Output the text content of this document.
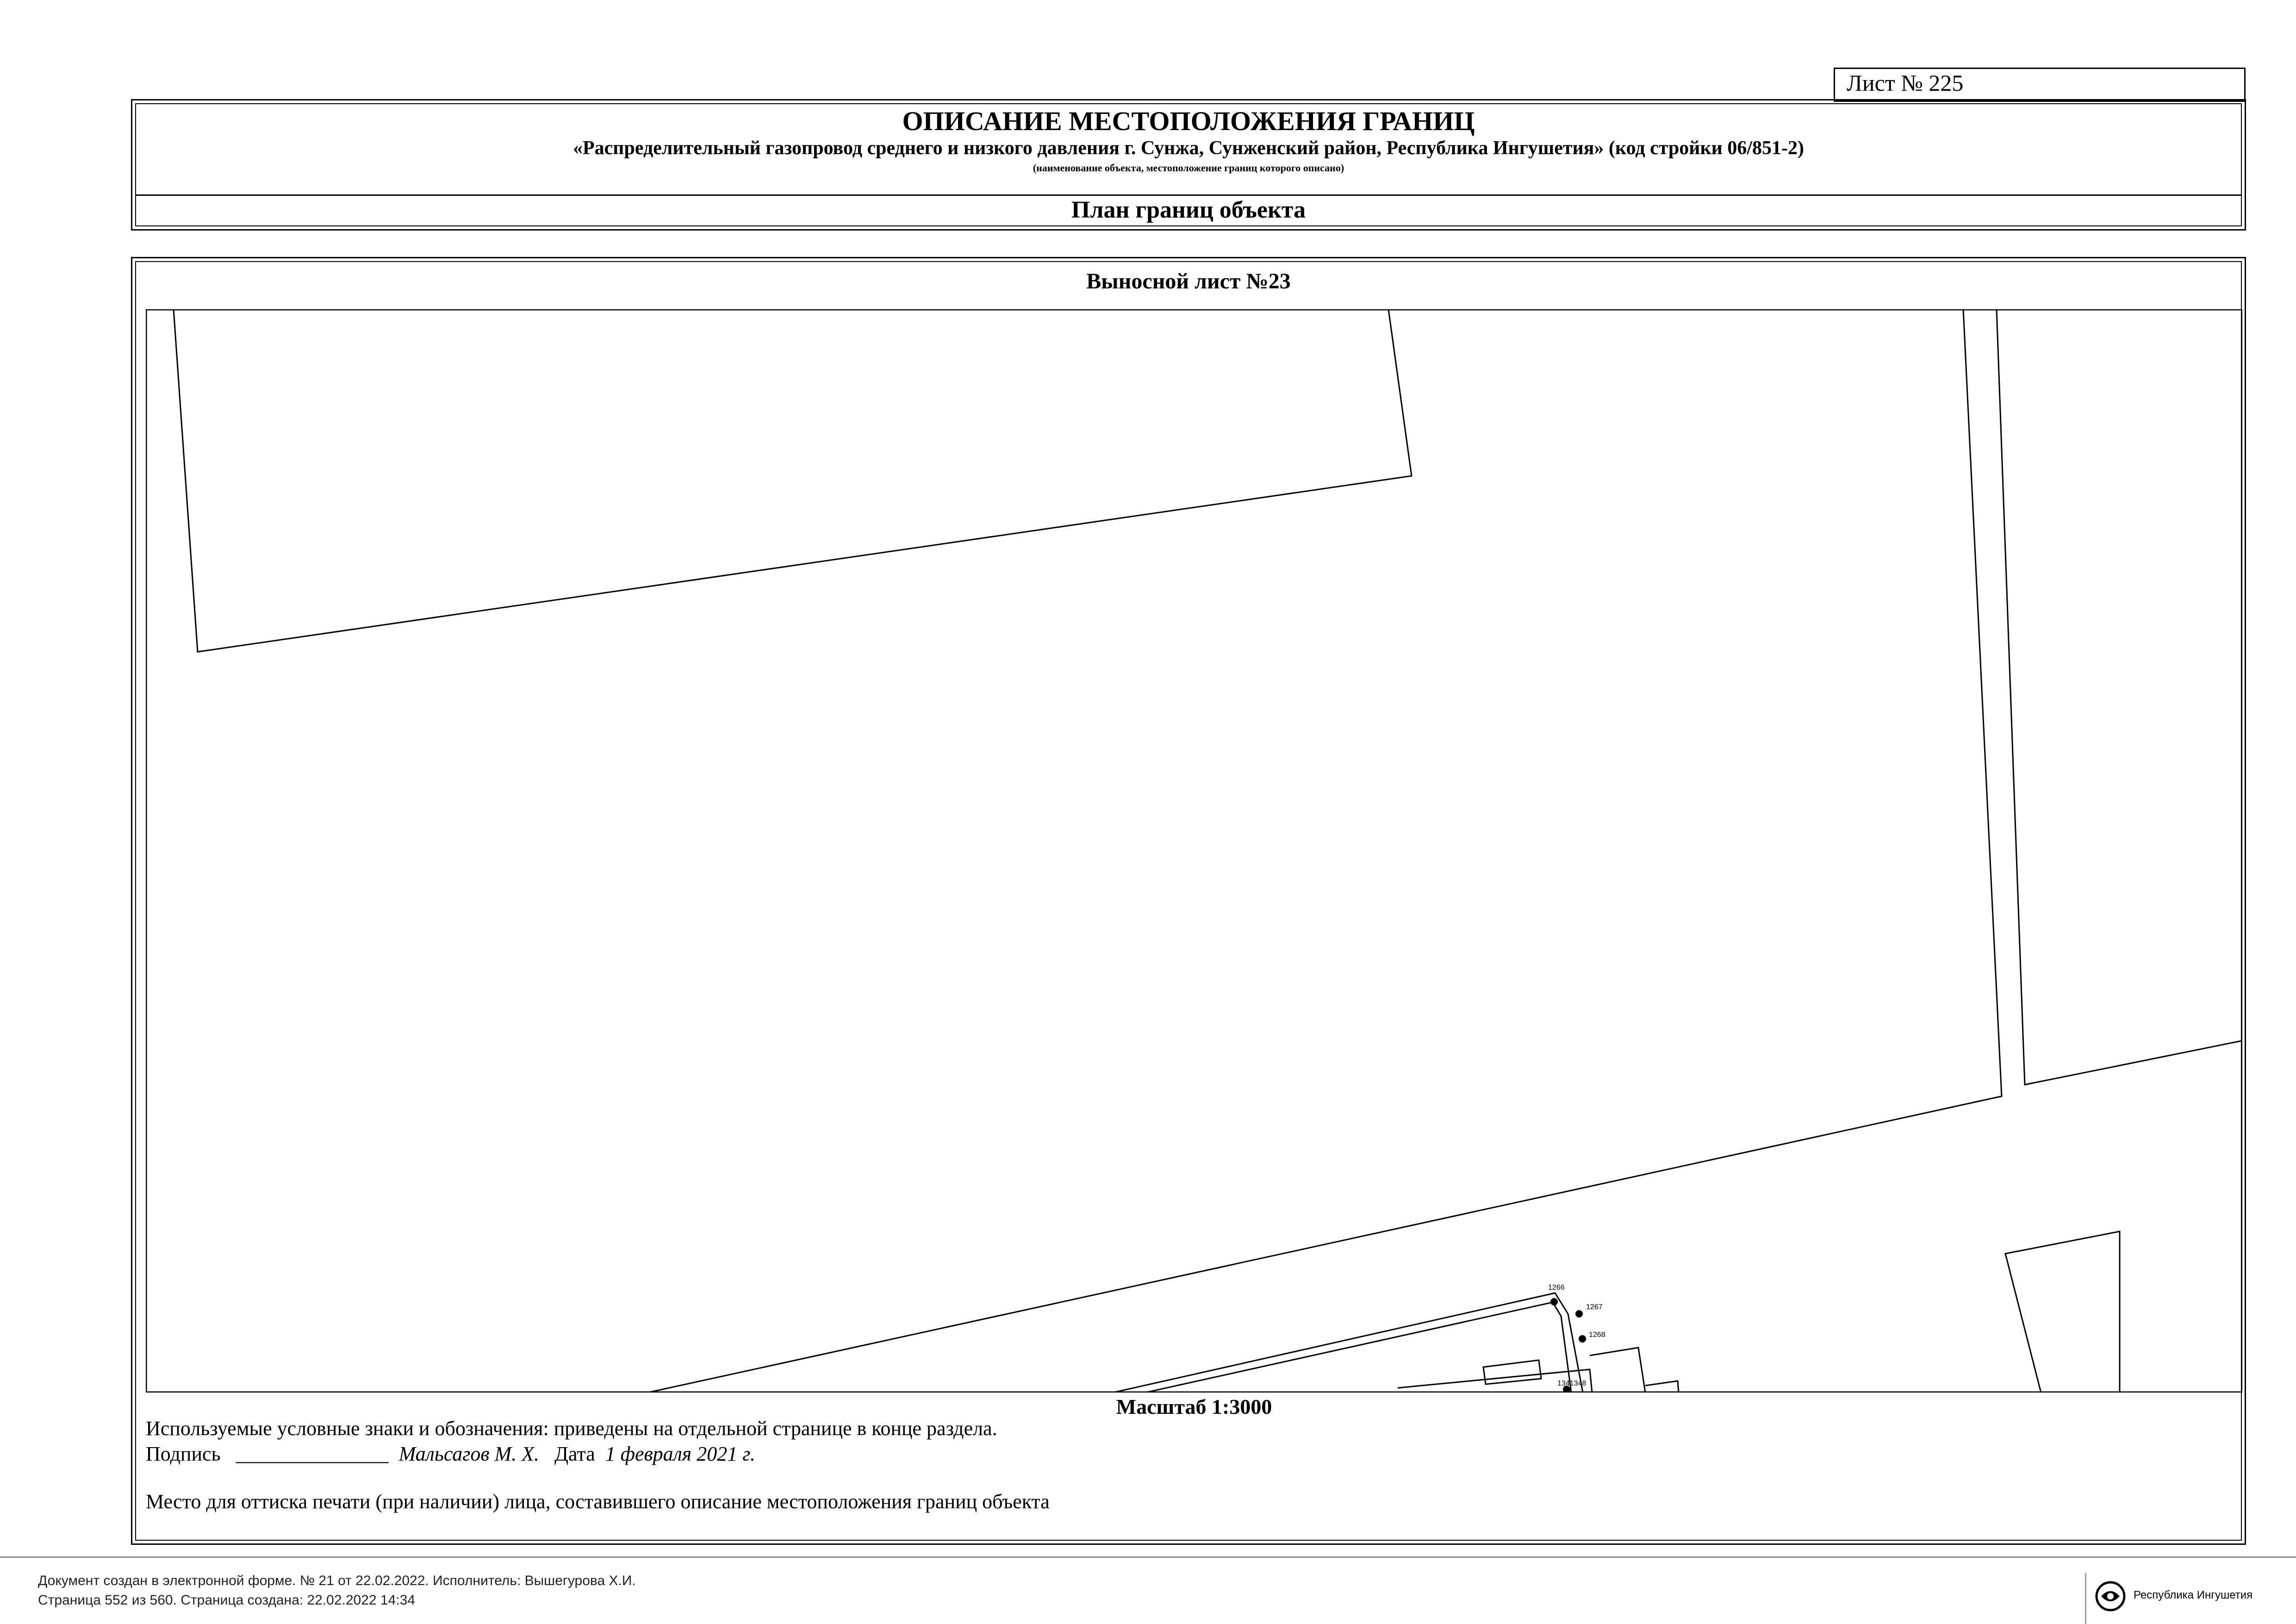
Лист № 225
ОПИСАНИЕ МЕСТОПОЛОЖЕНИЯ ГРАНИЦ
«Распределительный газопровод среднего и низкого давления г. Сунжа, Сунженский район, Республика Ингушетия» (код стройки 06/851-2)
(наименование объекта, местоположение границ которого описано)
План границ объекта
Выносной лист №23
1266
1267
1268
1341348
Масштаб 1:3000
Используемые условные знаки и обозначения: приведены на отдельной странице в конце раздела.
Подпись _______________ Мальсагов М. Х. Дата 1 февраля 2021 г.
Место для оттиска печати (при наличии) лица, составившего описание местоположения границ объекта
Документ создан в электронной форме. № 21 от 22.02.2022. Исполнитель: Вышегурова Х.И.
Страница 552 из 560. Страница создана: 22.02.2022 14:34	Республика Ингушетия
